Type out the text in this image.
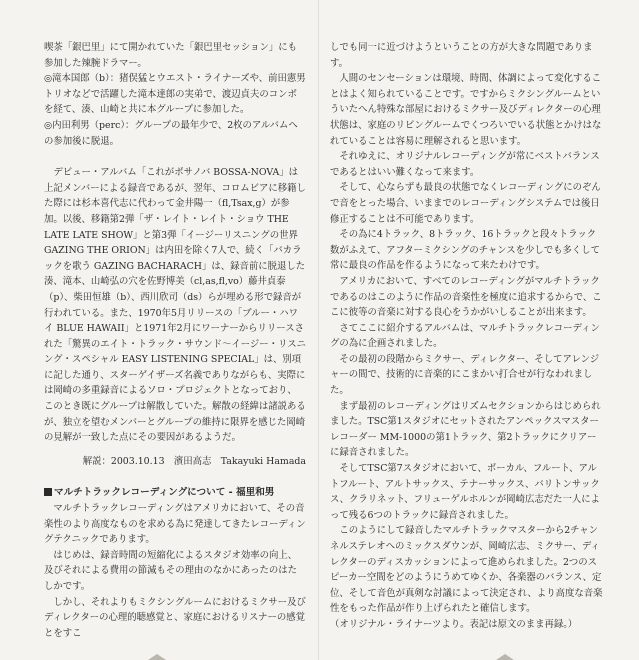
喫茶「銀巴里」にて開かれていた「銀巴里セッション」にも参加した辣腕ドラマー。

◎滝本国郎（b）：猪俣猛とウエスト・ライナーズや、前田憲男トリオなどで活躍した滝本達郎の実弟で、渡辺貞夫のコンボを経て、湊、山崎と共に本グループに参加した。

◎内田利男（perc）：グループの最年少で、2枚のアルバムへの参加後に脱退。

デビュー・アルバム「これがボサノバ BOSSA-NOVA」は上記メンバーによる録音であるが、翌年、コロムビアに移籍した際には杉本喜代志に代わって金井陽一（fl,Tsax,g）が参加。以後、移籍第2弾「ザ・レイト・レイト・ショウ THE LATE LATE SHOW」と第3弾「イージーリスニングの世界 GAZING THE ORION」は内田を除く7人で、続く「バカラックを歌う GAZING BACHARACH」は、録音前に脱退した湊、滝本、山崎弘の穴を佐野博美（cl,as,fl,vo）藤井貞泰（p）、柴田恒雄（b）、西川欣司（ds）らが埋める形で録音が行われている。また、1970年5月リリースの「ブルー・ハワイ BLUE HAWAII」と1971年2月にワーナーからリリースされた「驚異のエイト・トラック・サウンド〜イージー・リスニング・スペシャル EASY LISTENING SPECIAL」は、別項に記した通り、スターゲイザーズ名義でありながらも、実際には岡崎の多重録音によるソロ・プロジェクトとなっており、このとき既にグループは解散していた。解散の経緯は諸説あるが、独立を望むメンバーとグループの維持に限界を感じた岡崎の見解が一致した点にその要因があるようだ。

解説：2003.10.13　濱田高志　Takayuki Hamada

マルチトラックレコーディングについて - 福里和男

マルチトラックレコーディングはアメリカにおいて、その音楽性のより高度なものを求める為に発達してきたレコーディングテクニックであります。

はじめは、録音時間の短縮化によるスタジオ効率の向上、及びそれによる費用の節減もその理由のなかにあったのはたしかです。

しかし、それよりもミクシングルームにおけるミクサー及びディレクターの心理的聴感覚と、家庭におけるリスナーの感覚とをすこ

しでも同一に近づけようということの方が大きな問題であります。

人間のセンセーションは環境、時間、体調によって変化することはよく知られていることです。ですからミクシングルームといういたへん特殊な部屋におけるミクサー及びディレクターの心理状態は、家庭のリビングルームでくつろいでいる状態とかけはなれていることは容易に理解されると思います。

それゆえに、オリジナルレコーディングが常にベストバランスであるとはいい難くなって来ます。

そして、心ならずも最良の状態でなくレコーディングにのぞんで音をとった場合、いままでのレコーディングシステムでは後日修正することは不可能であります。

その為に4トラック、8トラック、16トラックと段々トラック数がふえて、アフターミクシングのチャンスを少しでも多くして常に最良の作品を作るようになって来たわけです。

アメリカにおいて、すべてのレコーディングがマルチトラックであるのはこのように作品の音楽性を極度に追求するからで、ここに彼等の音楽に対する良心をうかがいしることが出来ます。

さてここに紹介するアルバムは、マルチトラックレコーディングの為に企画されました。

その最初の段階からミクサー、ディレクター、そしてアレンジャーの間で、技術的に音楽的にこまかい打合せが行なわれました。

まず最初のレコーディングはリズムセクションからはじめられました。TSC第1スタジオにセットされたアンペックスマスターレコーダー MM-1000の第1トラック、第2トラックにクリアーに録音されました。

そしてTSC第7スタジオにおいて、ボーカル、フルート、アルトフルート、アルトサックス、テナーサックス、バリトンサックス、クラリネット、フリューゲルホルンが岡崎広志だた一人によって残る6つのトラックに録音されました。

このようにして録音したマルチトラックマスターから2チャンネルステレオへのミックスダウンが、岡崎広志、ミクサー、ディレクターのディスカッションによって進められました。2つのスピーカー空間をどのようにうめてゆくか、各楽器のバランス、定位、そして音色が真剣な討議によって決定され、より高度な音楽性をもった作品が作り上げられたと確信します。

（オリジナル・ライナーツより。表記は原文のまま再録。）
